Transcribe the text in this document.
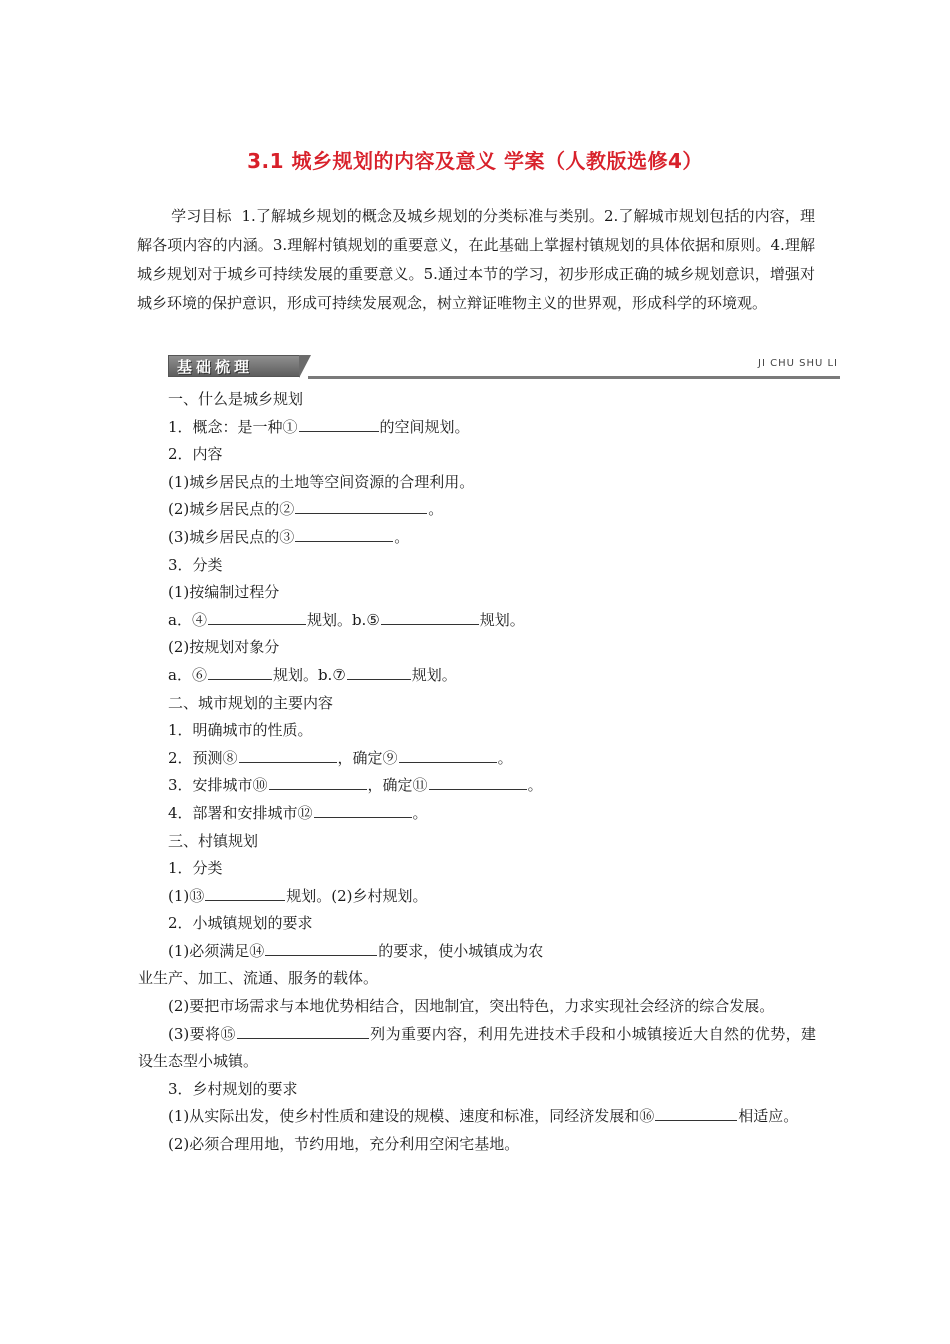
3.1 城乡规划的内容及意义 学案（人教版选修4）
学习目标 1.了解城乡规划的概念及城乡规划的分类标准与类别。2.了解城市规划包括的内容，理解各项内容的内涵。3.理解村镇规划的重要意义，在此基础上掌握村镇规划的具体依据和原则。4.理解城乡规划对于城乡可持续发展的重要意义。5.通过本节的学习，初步形成正确的城乡规划意识，增强对城乡环境的保护意识，形成可持续发展观念，树立辩证唯物主义的世界观，形成科学的环境观。
基础梳理	JI CHU SHU LI
一、什么是城乡规划
1．概念：是一种①	的空间规划。
2．内容
(1)城乡居民点的土地等空间资源的合理利用。
(2)城乡居民点的②	。
(3)城乡居民点的③	。
3．分类
(1)按编制过程分
a．④	规划。b.⑤	规划。
(2)按规划对象分
a．⑥	规划。b.⑦	规划。
二、城市规划的主要内容
1．明确城市的性质。
2．预测⑧	，确定⑨	。
3．安排城市⑩	，确定⑪	。
4．部署和安排城市⑫	。
三、村镇规划
1．分类
(1)⑬	规划。(2)乡村规划。
2．小城镇规划的要求
(1)必须满足⑭	的要求，使小城镇成为农
业生产、加工、流通、服务的载体。
(2)要把市场需求与本地优势相结合，因地制宜，突出特色，力求实现社会经济的综合发展。
(3)要将⑮	列为重要内容，利用先进技术手段和小城镇接近大自然的优势，建设生态型小城镇。
3．乡村规划的要求
(1)从实际出发，使乡村性质和建设的规模、速度和标准，同经济发展和⑯	相适应。
(2)必须合理用地，节约用地，充分利用空闲宅基地。
